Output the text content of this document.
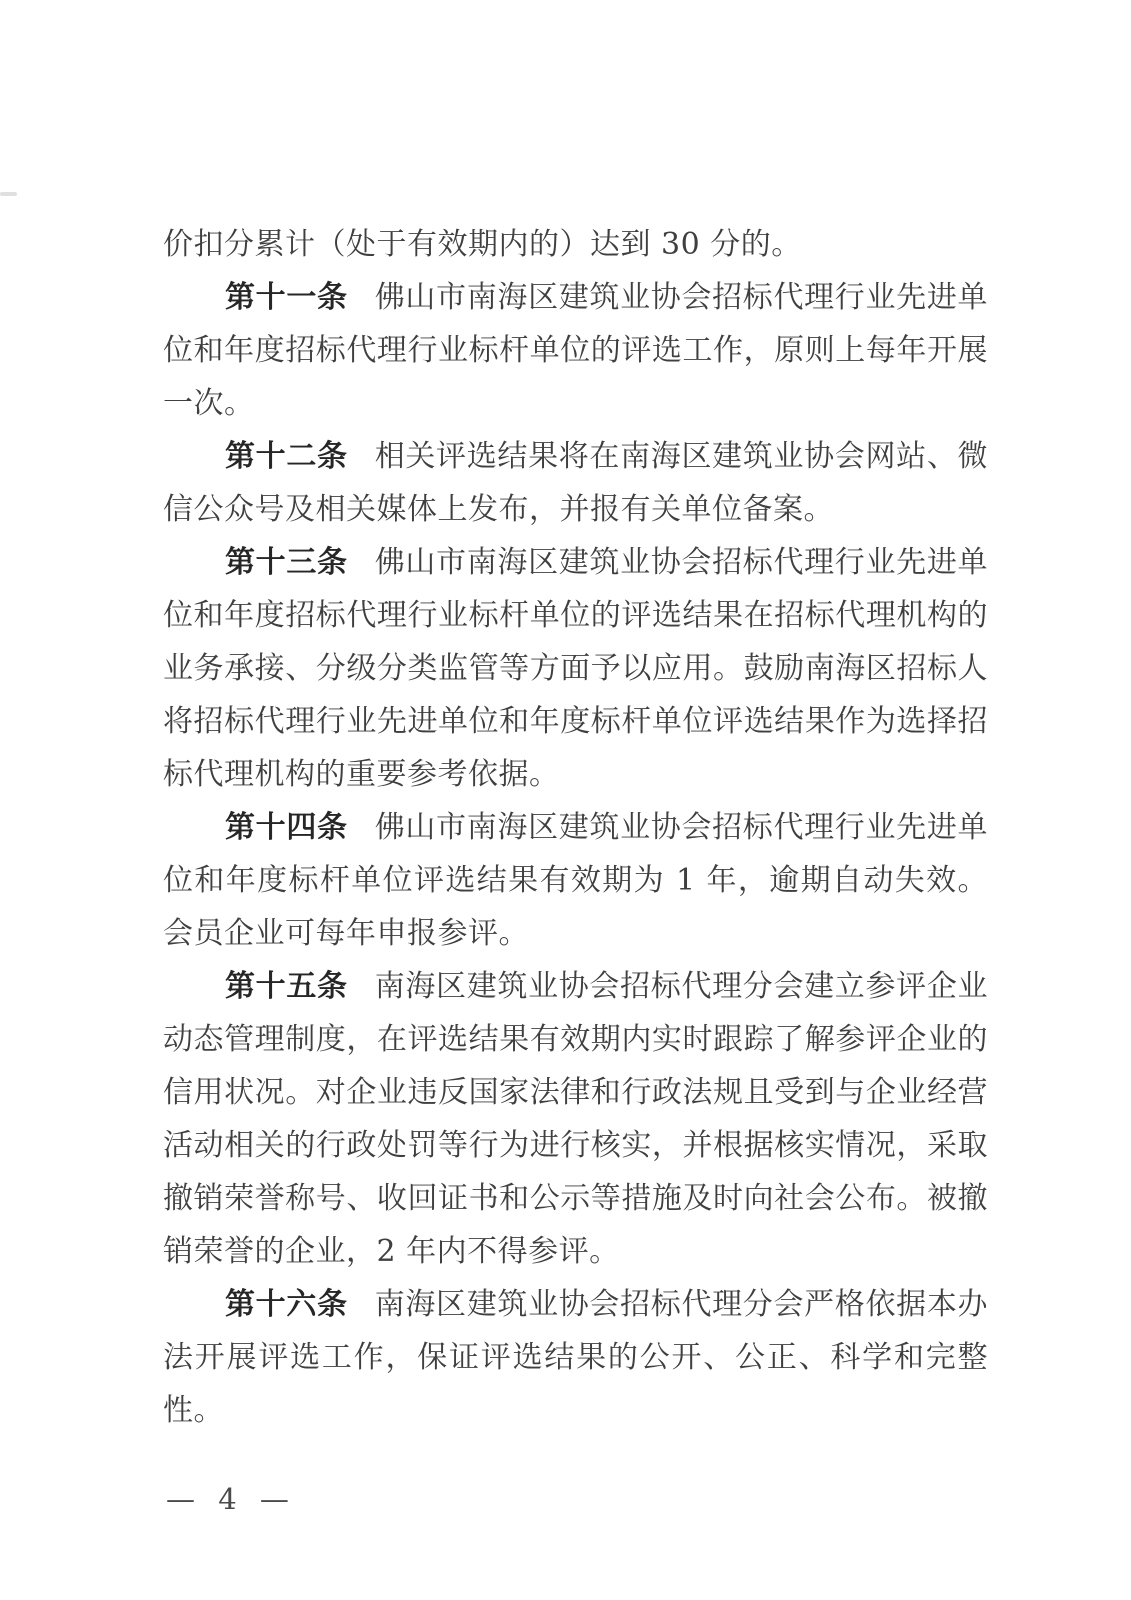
价扣分累计（处于有效期内的）达到 30 分的。

第十一条 佛山市南海区建筑业协会招标代理行业先进单位和年度招标代理行业标杆单位的评选工作，原则上每年开展一次。

第十二条 相关评选结果将在南海区建筑业协会网站、微信公众号及相关媒体上发布，并报有关单位备案。

第十三条 佛山市南海区建筑业协会招标代理行业先进单位和年度招标代理行业标杆单位的评选结果在招标代理机构的业务承接、分级分类监管等方面予以应用。鼓励南海区招标人将招标代理行业先进单位和年度标杆单位评选结果作为选择招标代理机构的重要参考依据。

第十四条 佛山市南海区建筑业协会招标代理行业先进单位和年度标杆单位评选结果有效期为 1 年，逾期自动失效。会员企业可每年申报参评。

第十五条 南海区建筑业协会招标代理分会建立参评企业动态管理制度，在评选结果有效期内实时跟踪了解参评企业的信用状况。对企业违反国家法律和行政法规且受到与企业经营活动相关的行政处罚等行为进行核实，并根据核实情况，采取撤销荣誉称号、收回证书和公示等措施及时向社会公布。被撤销荣誉的企业，2 年内不得参评。

第十六条 南海区建筑业协会招标代理分会严格依据本办法开展评选工作，保证评选结果的公开、公正、科学和完整性。

— 4 —
